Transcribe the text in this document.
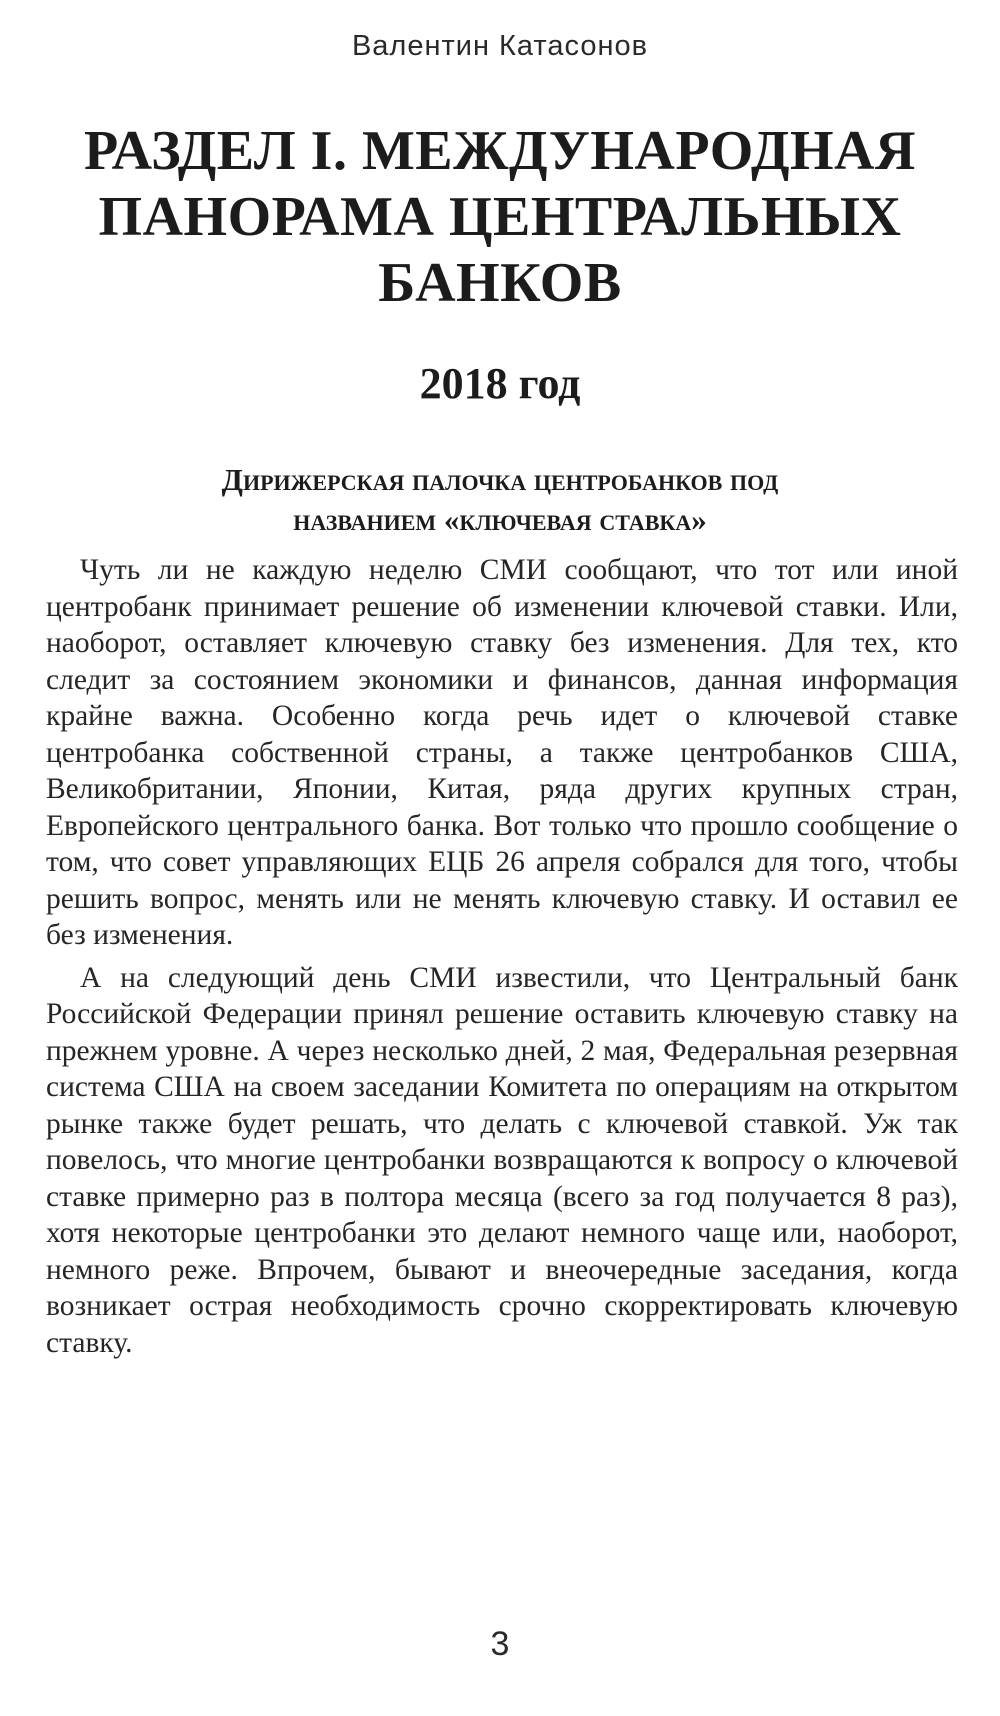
Валентин Катасонов
РАЗДЕЛ I. МЕЖДУНАРОДНАЯ
ПАНОРАМА ЦЕНТРАЛЬНЫХ
БАНКОВ
2018 год
Дирижерская палочка центробанков под
названием «ключевая ставка»

Чуть ли не каждую неделю СМИ сообщают, что тот или иной центробанк принимает решение об изменении ключевой ставки. Или, наоборот, оставляет ключевую ставку без изменения. Для тех, кто следит за состоянием экономики и финансов, данная информация крайне важна. Особенно когда речь идет о ключевой ставке центробанка собственной страны, а также центробанков США, Великобритании, Японии, Китая, ряда других крупных стран, Европейского центрального банка. Вот только что прошло сообщение о том, что совет управляющих ЕЦБ 26 апреля собрался для того, чтобы решить вопрос, менять или не менять ключевую ставку. И оставил ее без изменения.

А на следующий день СМИ известили, что Центральный банк Российской Федерации принял решение оставить ключевую ставку на прежнем уровне. А через несколько дней, 2 мая, Федеральная резервная система США на своем заседании Комитета по операциям на открытом рынке также будет решать, что делать с ключевой ставкой. Уж так повелось, что многие центробанки возвращаются к вопросу о ключевой ставке примерно раз в полтора месяца (всего за год получается 8 раз), хотя некоторые центробанки это делают немного чаще или, наоборот, немного реже. Впрочем, бывают и внеочередные заседания, когда возникает острая необходимость срочно скорректировать ключевую ставку.

3
